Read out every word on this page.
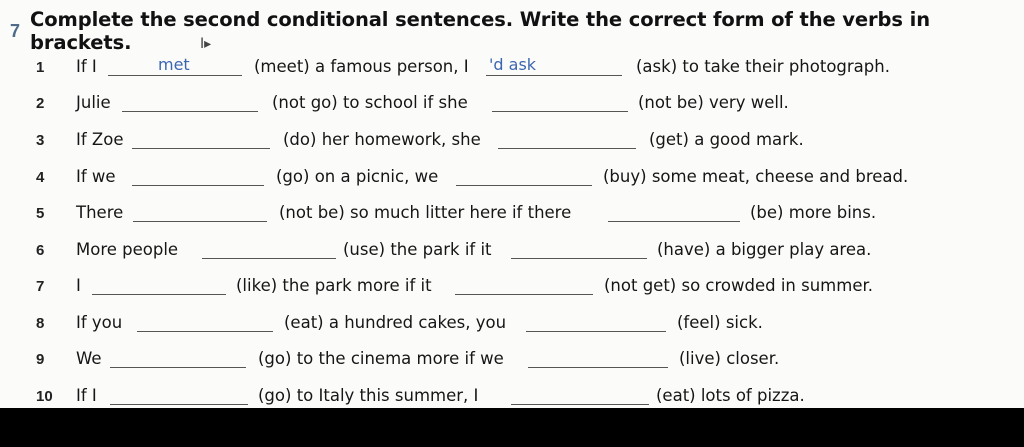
7 Complete the second conditional sentences. Write the correct form of the verbs in brackets.	I▸
1	If I	met	(meet) a famous person, I 'd ask	(ask) to take their photograph.
2	Julie	(not go) to school if she	(not be) very well.
3	If Zoe	(do) her homework, she	(get) a good mark.
4	If we	(go) on a picnic, we	(buy) some meat, cheese and bread.
5	There	(not be) so much litter here if there	(be) more bins.
6	More people	(use) the park if it	(have) a bigger play area.
7	I	(like) the park more if it	(not get) so crowded in summer.
8	If you	(eat) a hundred cakes, you	(feel) sick.
9	We	(go) to the cinema more if we	(live) closer.
10	If I	(go) to Italy this summer, I	(eat) lots of pizza.
